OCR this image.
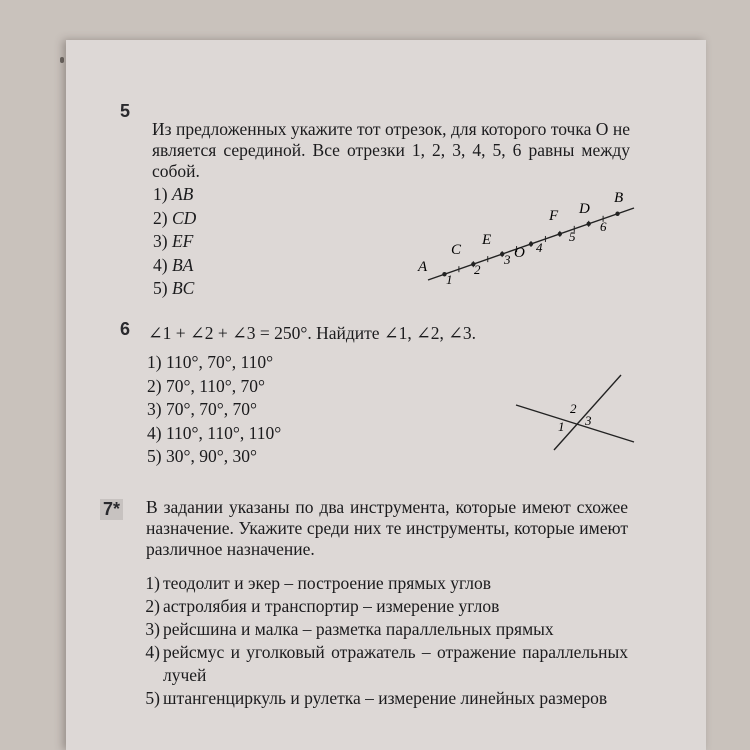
5
Из предложенных укажите тот отрезок, для которого точка O не является серединой. Все отрезки 1, 2, 3, 4, 5, 6 равны между собой.
1) AB
2) CD
3) EF
4) BA
5) BC
A
C
E
O
F D
B
1
2
3
4
5
6
6 ∠1 + ∠2 + ∠3 = 250°. Найдите ∠1, ∠2, ∠3.
1) 110°, 70°, 110°
2) 70°, 110°, 70°
3) 70°, 70°, 70°
4) 110°, 110°, 110°
5) 30°, 90°, 30°
1
2
3
7* В задании указаны по два инструмента, которые имеют схожее назначение. Укажите среди них те инструменты, которые имеют различное назначение.
1) теодолит и экер – построение прямых углов
2) астролябия и транспортир – измерение углов
3) рейсшина и малка – разметка параллельных прямых
4) рейсмус и уголковый отражатель – отражение параллельных лучей
5) штангенциркуль и рулетка – измерение линейных размеров
